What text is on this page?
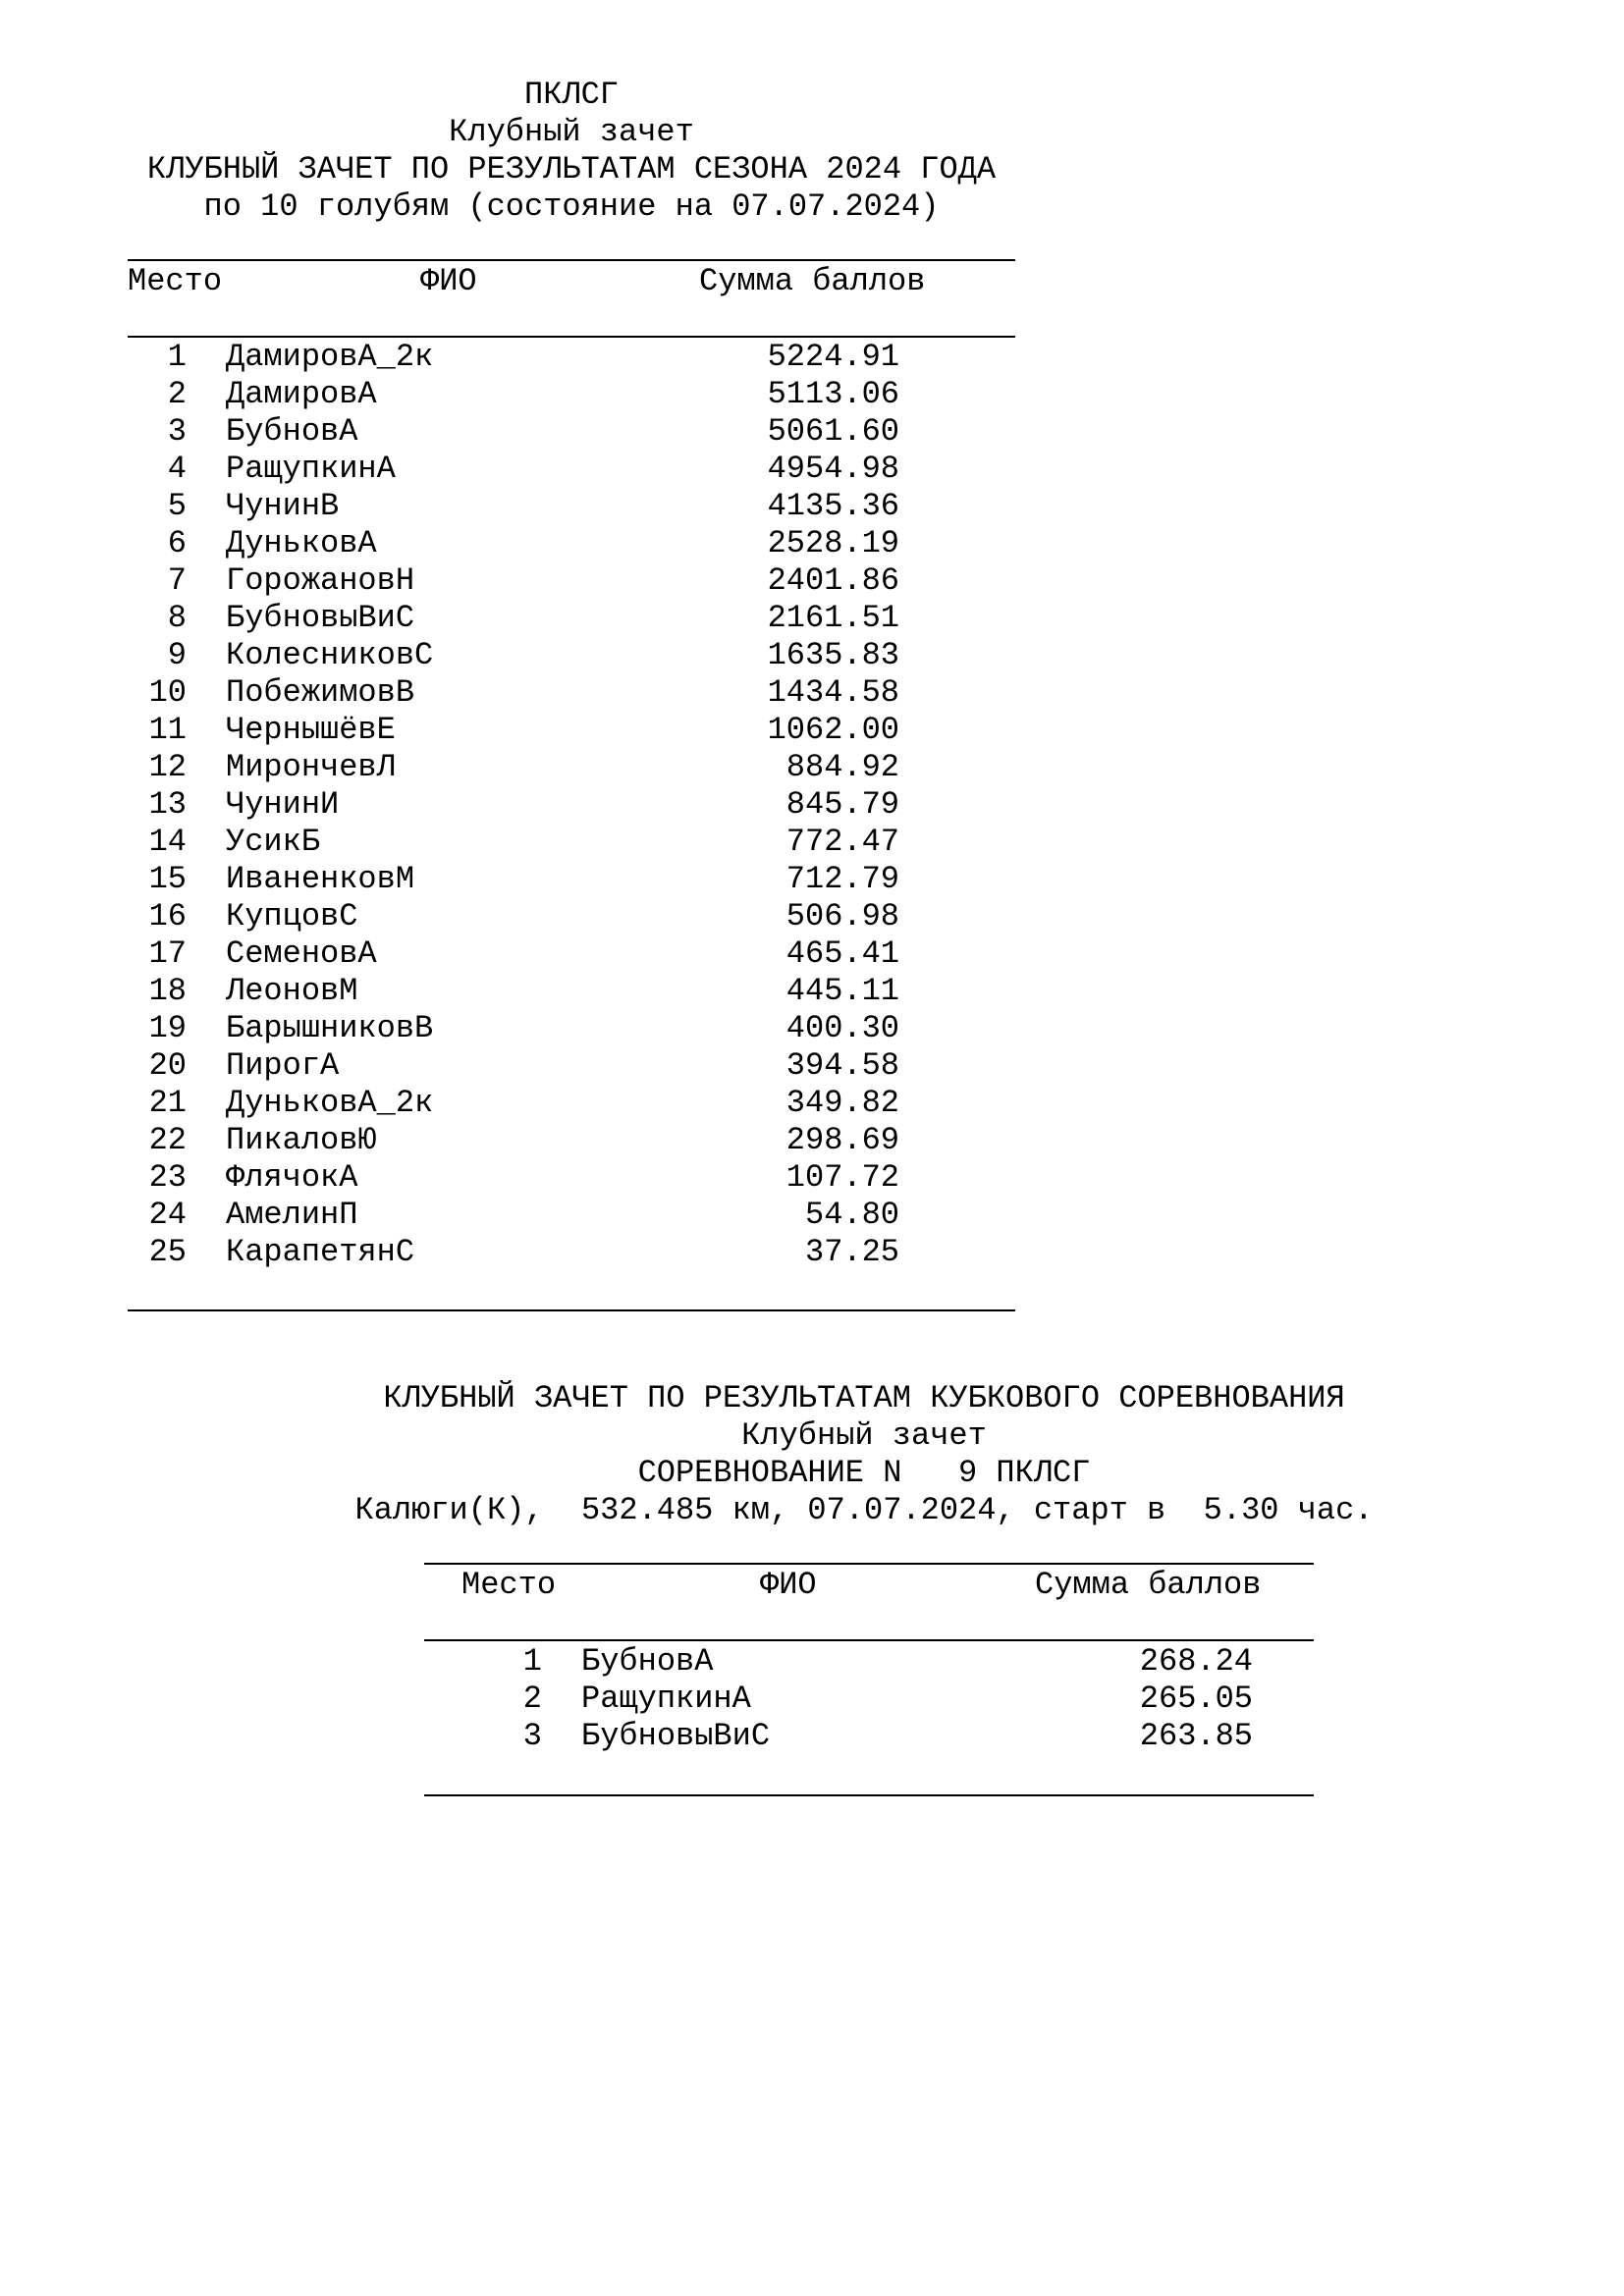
ПКЛСГ
Клубный зачет
КЛУБНЫЙ ЗАЧЕТ ПО РЕЗУЛЬТАТАМ СЕЗОНА 2024 ГОДА
по 10 голубям (состояние на 07.07.2024)
Место	ФИО	Сумма баллов
1 ДамировА_2к	5224.91
2 ДамировА	5113.06
3 БубновА	5061.60
4 РащупкинА	4954.98
5 ЧунинВ	4135.36
6 ДуньковА	2528.19
7 ГорожановН	2401.86
8 БубновыВиС	2161.51
9 КолесниковС	1635.83
10 ПобежимовВ	1434.58
11 ЧернышёвЕ	1062.00
12 МирончевЛ	884.92
13 ЧунинИ	845.79
14 УсикБ	772.47
15 ИваненковМ	712.79
16 КупцовС	506.98
17 СеменовА	465.41
18 ЛеоновМ	445.11
19 БарышниковВ	400.30
20 ПирогА	394.58
21 ДуньковА_2к	349.82
22 ПикаловЮ	298.69
23 ФлячокА	107.72
24 АмелинП	54.80
25 КарапетянС	37.25
КЛУБНЫЙ ЗАЧЕТ ПО РЕЗУЛЬТАТАМ КУБКОВОГО СОРЕВНОВАНИЯ
Клубный зачет
СОРЕВНОВАНИЕ N   9 ПКЛСГ
Калюги(К),  532.485 км, 07.07.2024, старт в  5.30 час.
Место	ФИО	Сумма баллов
1 БубновА	268.24
2 РащупкинА	265.05
3 БубновыВиС	263.85
